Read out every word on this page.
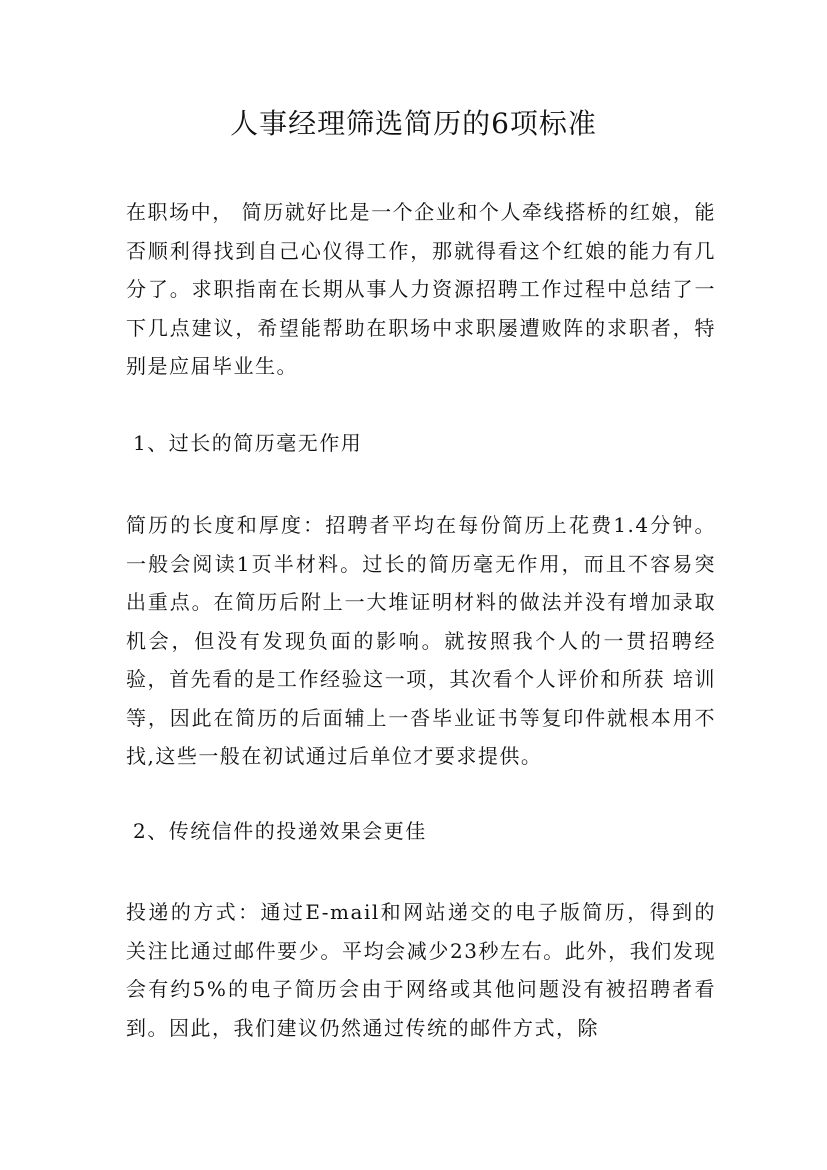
人事经理筛选简历的6项标准

在职场中， 简历就好比是一个企业和个人牵线搭桥的红娘，能否顺利得找到自己心仪得工作，那就得看这个红娘的能力有几分了。求职指南在长期从事人力资源招聘工作过程中总结了一下几点建议，希望能帮助在职场中求职屡遭败阵的求职者，特别是应届毕业生。

1、过长的简历毫无作用

简历的长度和厚度：招聘者平均在每份简历上花费1.4分钟。一般会阅读1页半材料。过长的简历毫无作用，而且不容易突出重点。在简历后附上一大堆证明材料的做法并没有增加录取机会，但没有发现负面的影响。就按照我个人的一贯招聘经验，首先看的是工作经验这一项，其次看个人评价和所获 培训 等，因此在简历的后面辅上一沓毕业证书等复印件就根本用不找,这些一般在初试通过后单位才要求提供。

2、传统信件的投递效果会更佳

投递的方式：通过E-mail和网站递交的电子版简历，得到的关注比通过邮件要少。平均会减少23秒左右。此外，我们发现会有约5%的电子简历会由于网络或其他问题没有被招聘者看到。因此，我们建议仍然通过传统的邮件方式，除
